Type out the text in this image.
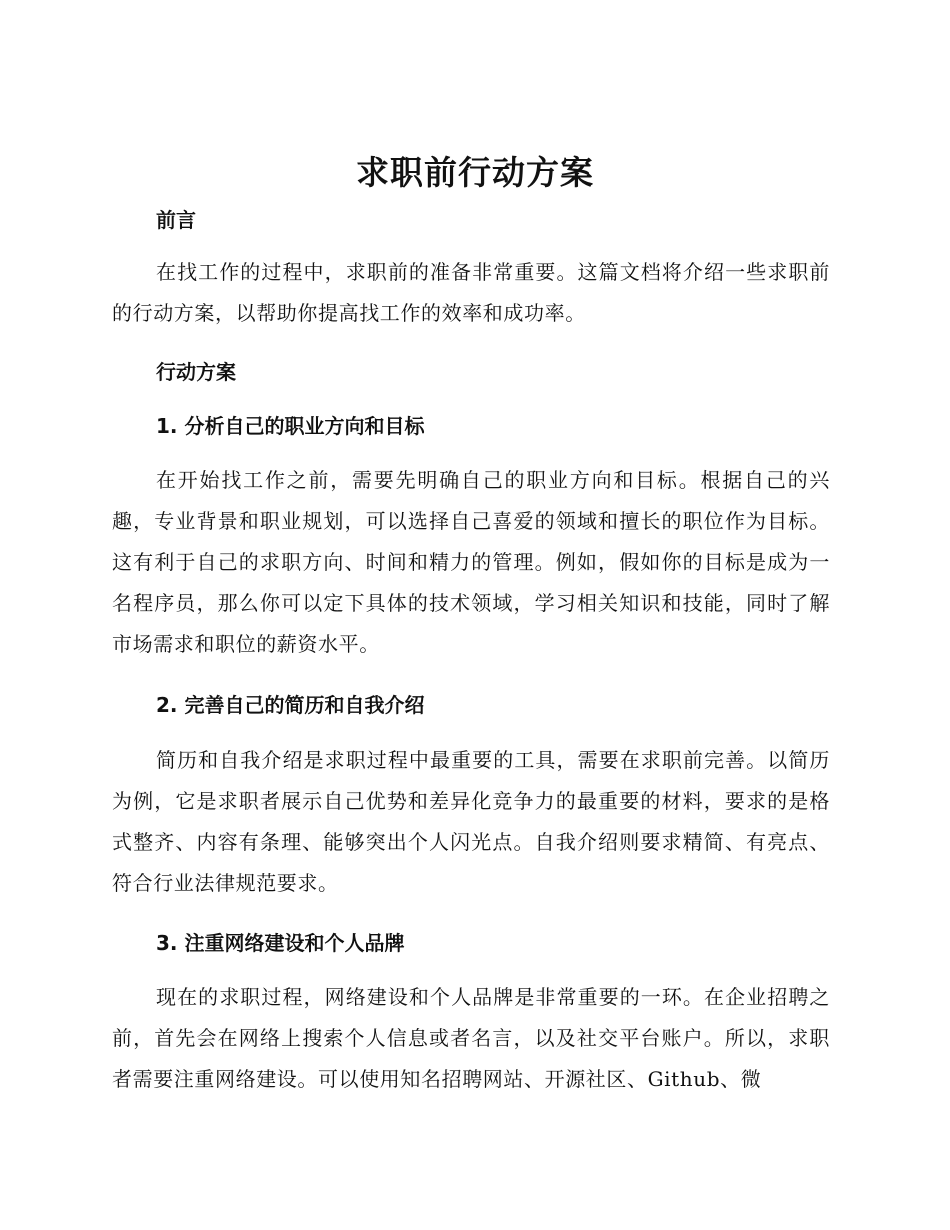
求职前行动方案
前言

在找工作的过程中，求职前的准备非常重要。这篇文档将介绍一些求职前的行动方案，以帮助你提高找工作的效率和成功率。

行动方案
1. 分析自己的职业方向和目标

在开始找工作之前，需要先明确自己的职业方向和目标。根据自己的兴趣，专业背景和职业规划，可以选择自己喜爱的领域和擅长的职位作为目标。这有利于自己的求职方向、时间和精力的管理。例如，假如你的目标是成为一名程序员，那么你可以定下具体的技术领域，学习相关知识和技能，同时了解市场需求和职位的薪资水平。

2. 完善自己的简历和自我介绍

简历和自我介绍是求职过程中最重要的工具，需要在求职前完善。以简历为例，它是求职者展示自己优势和差异化竞争力的最重要的材料，要求的是格式整齐、内容有条理、能够突出个人闪光点。自我介绍则要求精简、有亮点、符合行业法律规范要求。

3. 注重网络建设和个人品牌

现在的求职过程，网络建设和个人品牌是非常重要的一环。在企业招聘之前，首先会在网络上搜索个人信息或者名言，以及社交平台账户。所以，求职者需要注重网络建设。可以使用知名招聘网站、开源社区、Github、微
